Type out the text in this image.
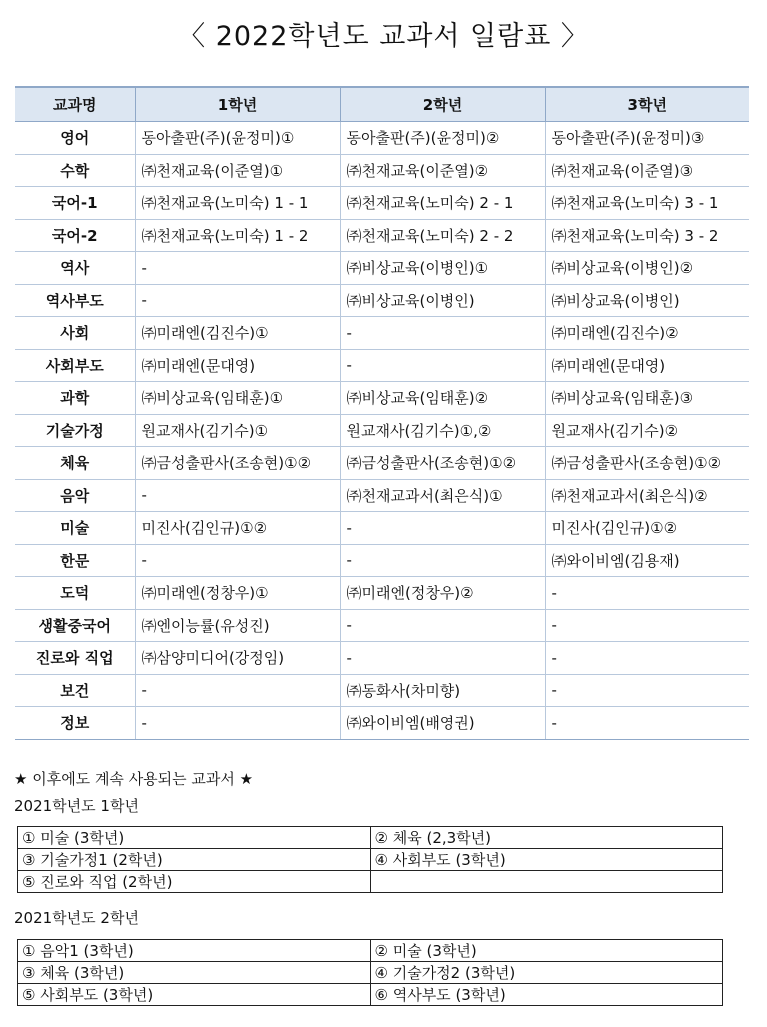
〈 2022학년도 교과서 일람표 〉
교과명	1학년	2학년	3학년
영어	동아출판(주)(윤정미)①	동아출판(주)(윤정미)②	동아출판(주)(윤정미)③
수학	㈜천재교육(이준열)①	㈜천재교육(이준열)②	㈜천재교육(이준열)③
국어-1	㈜천재교육(노미숙) 1 - 1	㈜천재교육(노미숙) 2 - 1	㈜천재교육(노미숙) 3 - 1
국어-2	㈜천재교육(노미숙) 1 - 2	㈜천재교육(노미숙) 2 - 2	㈜천재교육(노미숙) 3 - 2
역사	-	㈜비상교육(이병인)①	㈜비상교육(이병인)②
역사부도	-	㈜비상교육(이병인)	㈜비상교육(이병인)
사회	㈜미래엔(김진수)①	-	㈜미래엔(김진수)②
사회부도	㈜미래엔(문대영)	-	㈜미래엔(문대영)
과학	㈜비상교육(임태훈)①	㈜비상교육(임태훈)②	㈜비상교육(임태훈)③
기술가정	원교재사(김기수)①	원교재사(김기수)①,②	원교재사(김기수)②
체육	㈜금성출판사(조송현)①②	㈜금성출판사(조송현)①②	㈜금성출판사(조송현)①②
음악	-	㈜천재교과서(최은식)①	㈜천재교과서(최은식)②
미술	미진사(김인규)①②	-	미진사(김인규)①②
한문	-	-	㈜와이비엠(김용재)
도덕	㈜미래엔(정창우)①	㈜미래엔(정창우)②	-
생활중국어	㈜엔이능률(유성진)	-	-
진로와 직업	㈜삼양미디어(강정임)	-	-
보건	-	㈜동화사(차미향)	-
정보	-	㈜와이비엠(배영권)	-
★ 이후에도 계속 사용되는 교과서 ★
2021학년도 1학년
① 미술 (3학년)	② 체육 (2,3학년)
③ 기술가정1 (2학년)	④ 사회부도 (3학년)
⑤ 진로와 직업 (2학년)	
2021학년도 2학년
① 음악1 (3학년)	② 미술 (3학년)
③ 체육 (3학년)	④ 기술가정2 (3학년)
⑤ 사회부도 (3학년)	⑥ 역사부도 (3학년)
